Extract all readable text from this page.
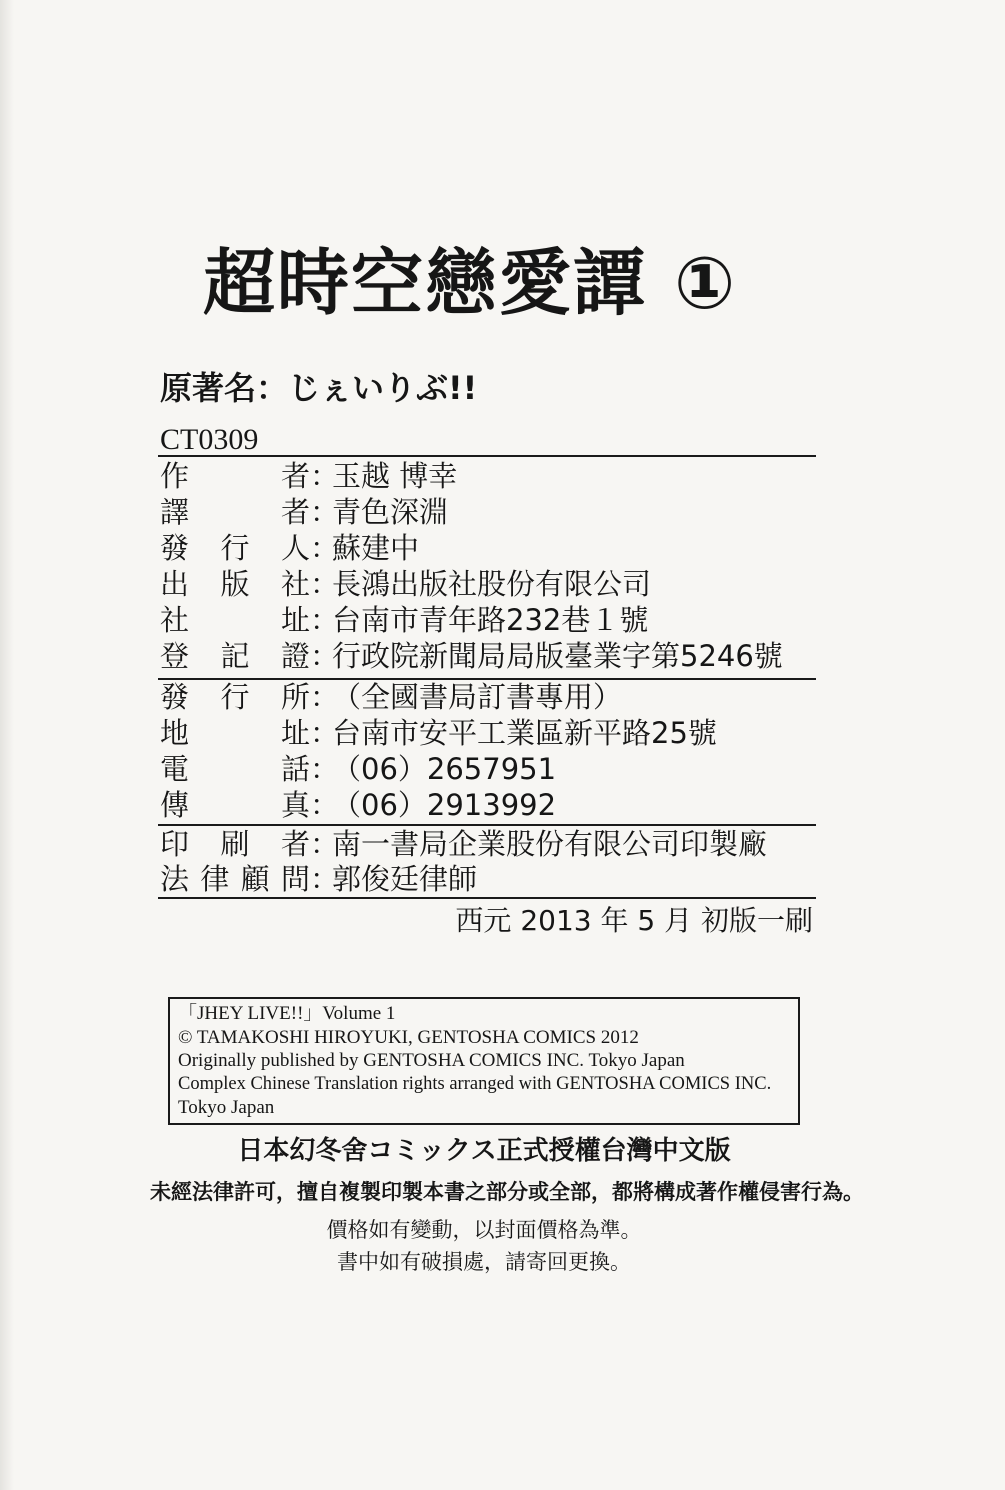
超時空戀愛譚 ①
原著名：じぇいりぶ!!
CT0309
作者：玉越 博幸
譯者：青色深淵
發行人：蘇建中
出版社：長鴻出版社股份有限公司
社址：台南市青年路232巷１號
登記證：行政院新聞局局版臺業字第5246號
發行所：（全國書局訂書專用）
地址：台南市安平工業區新平路25號
電話：（06）2657951
傳真：（06）2913992
印刷者：南一書局企業股份有限公司印製廠
法律顧問：郭俊廷律師
西元 2013 年 5 月 初版一刷
「JHEY LIVE!!」Volume 1
© TAMAKOSHI HIROYUKI, GENTOSHA COMICS 2012
Originally published by GENTOSHA COMICS INC. Tokyo Japan
Complex Chinese Translation rights arranged with GENTOSHA COMICS INC.
Tokyo Japan
日本幻冬舍コミックス正式授權台灣中文版
未經法律許可，擅自複製印製本書之部分或全部，都將構成著作權侵害行為。
價格如有變動，以封面價格為準。
書中如有破損處，請寄回更換。
